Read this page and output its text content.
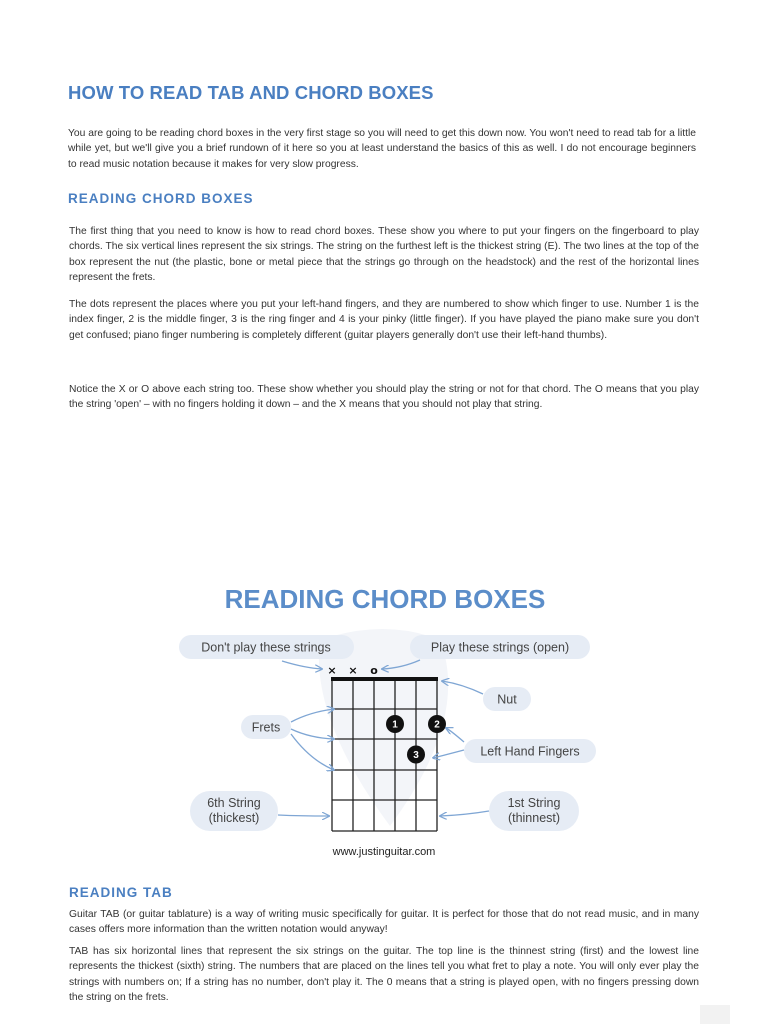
HOW TO READ TAB AND CHORD BOXES

You are going to be reading chord boxes in the very first stage so you will need to get this down now. You won't need to read tab for a little while yet, but we'll give you a brief rundown of it here so you at least understand the basics of this as well. I do not encourage beginners to read music notation because it makes for very slow progress.

READING CHORD BOXES

The first thing that you need to know is how to read chord boxes. These show you where to put your fingers on the fingerboard to play chords. The six vertical lines represent the six strings. The string on the furthest left is the thickest string (E). The two lines at the top of the box represent the nut (the plastic, bone or metal piece that the strings go through on the headstock) and the rest of the horizontal lines represent the frets.

The dots represent the places where you put your left-hand fingers, and they are numbered to show which finger to use. Number 1 is the index finger, 2 is the middle finger, 3 is the ring finger and 4 is your pinky (little finger). If you have played the piano make sure you don't get confused; piano finger numbering is completely different (guitar players generally don't use their left-hand thumbs).

Notice the X or O above each string too. These show whether you should play the string or not for that chord. The O means that you play the string 'open' – with no fingers holding it down – and the X means that you should not play that string.

READING CHORD BOXES
Don't play these strings	Play these strings (open)
Nut
Frets
Left Hand Fingers
6th String
(thickest)
1st String
(thinnest)
× × o
1	2
3
www.justinguitar.com
READING TAB

Guitar TAB (or guitar tablature) is a way of writing music specifically for guitar. It is perfect for those that do not read music, and in many cases offers more information than the written notation would anyway!

TAB has six horizontal lines that represent the six strings on the guitar. The top line is the thinnest string (first) and the lowest line represents the thickest (sixth) string. The numbers that are placed on the lines tell you what fret to play a note. You will only ever play the strings with numbers on; If a string has no number, don't play it. The 0 means that a string is played open, with no fingers pressing down the string on the frets.
